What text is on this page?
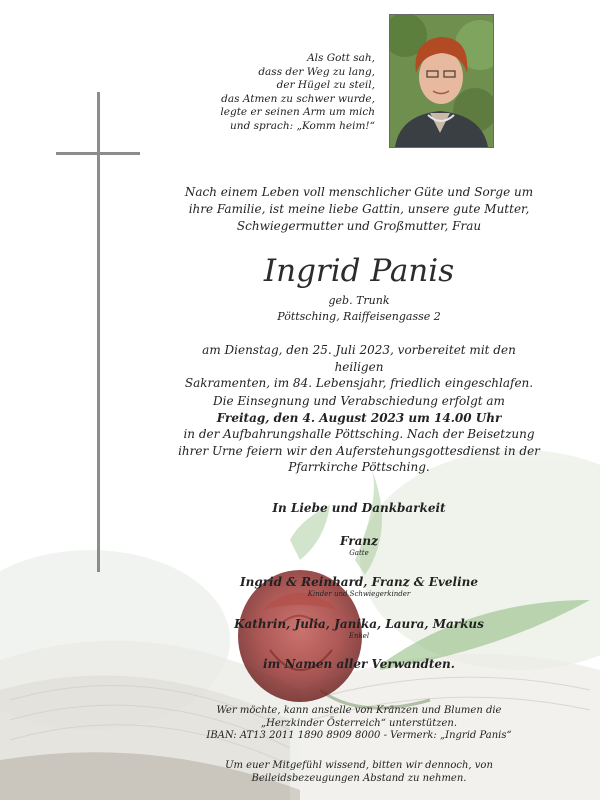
Als Gott sah,
dass der Weg zu lang,
der Hügel zu steil,
das Atmen zu schwer wurde,
legte er seinen Arm um mich
und sprach: „Komm heim!“
Nach einem Leben voll menschlicher Güte und Sorge um
ihre Familie, ist meine liebe Gattin, unsere gute Mutter,
Schwiegermutter und Großmutter, Frau
Ingrid Panis
geb. Trunk
Pöttsching, Raiffeisengasse 2
am Dienstag, den 25. Juli 2023, vorbereitet mit den heiligen
Sakramenten, im 84. Lebensjahr, friedlich eingeschlafen.
Die Einsegnung und Verabschiedung erfolgt am
Freitag, den 4. August 2023 um 14.00 Uhr
in der Aufbahrungshalle Pöttsching. Nach der Beisetzung
ihrer Urne feiern wir den Auferstehungsgottesdienst in der
Pfarrkirche Pöttsching.
In Liebe und Dankbarkeit
Franz
Gatte
Ingrid & Reinhard, Franz & Eveline
Kinder und Schwiegerkinder
Kathrin, Julia, Janika, Laura, Markus
Enkel
im Namen aller Verwandten.
Wer möchte, kann anstelle von Kränzen und Blumen die
„Herzkinder Österreich“ unterstützen.
IBAN: AT13 2011 1890 8909 8000 - Vermerk: „Ingrid Panis“
Um euer Mitgefühl wissend, bitten wir dennoch, von
Beileidsbezeugungen Abstand zu nehmen.
